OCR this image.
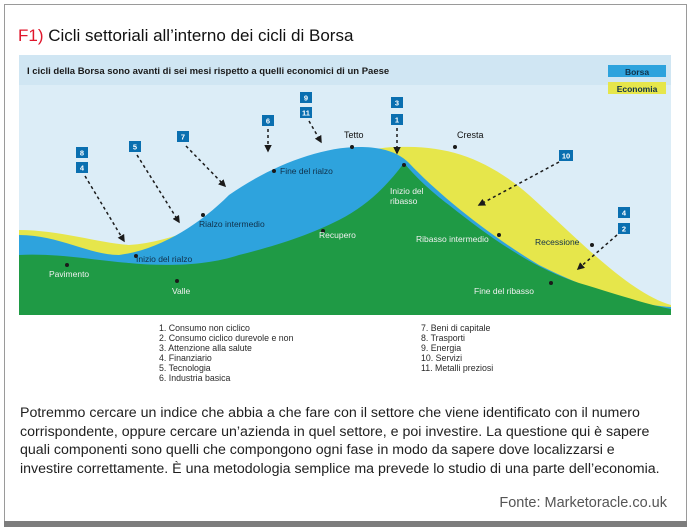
F1) Cicli settoriali all’interno dei cicli di Borsa
I cicli della Borsa sono avanti di sei mesi rispetto a quelli economici di un Paese	Borsa
Economia
Tetto	Cresta
Fine del rialzo
Inizio del
ribasso
Rialzo intermedio
Recupero	Ribasso intermedio	Recessione
Inizio del rialzo
Pavimento
Valle	Fine del ribasso
8
4
5
7
6
9
11
3
1
10
4
2
1. Consumo non ciclico
2. Consumo ciclico durevole e non
3. Attenzione alla salute
4. Finanziario
5. Tecnologia
6. Industria basica
7. Beni di capitale
8. Trasporti
9. Energia
10. Servizi
11. Metalli preziosi

Potremmo cercare un indice che abbia a che fare con il settore che viene identificato con il numero corrispondente, oppure cercare un’azienda in quel settore, e poi investire. La questione qui è sapere quali componenti sono quelli che compongono ogni fase in modo da sapere dove localizzarsi e investire correttamente. È una metodologia semplice ma prevede lo studio di una parte dell’economia.

Fonte: Marketoracle.co.uk
